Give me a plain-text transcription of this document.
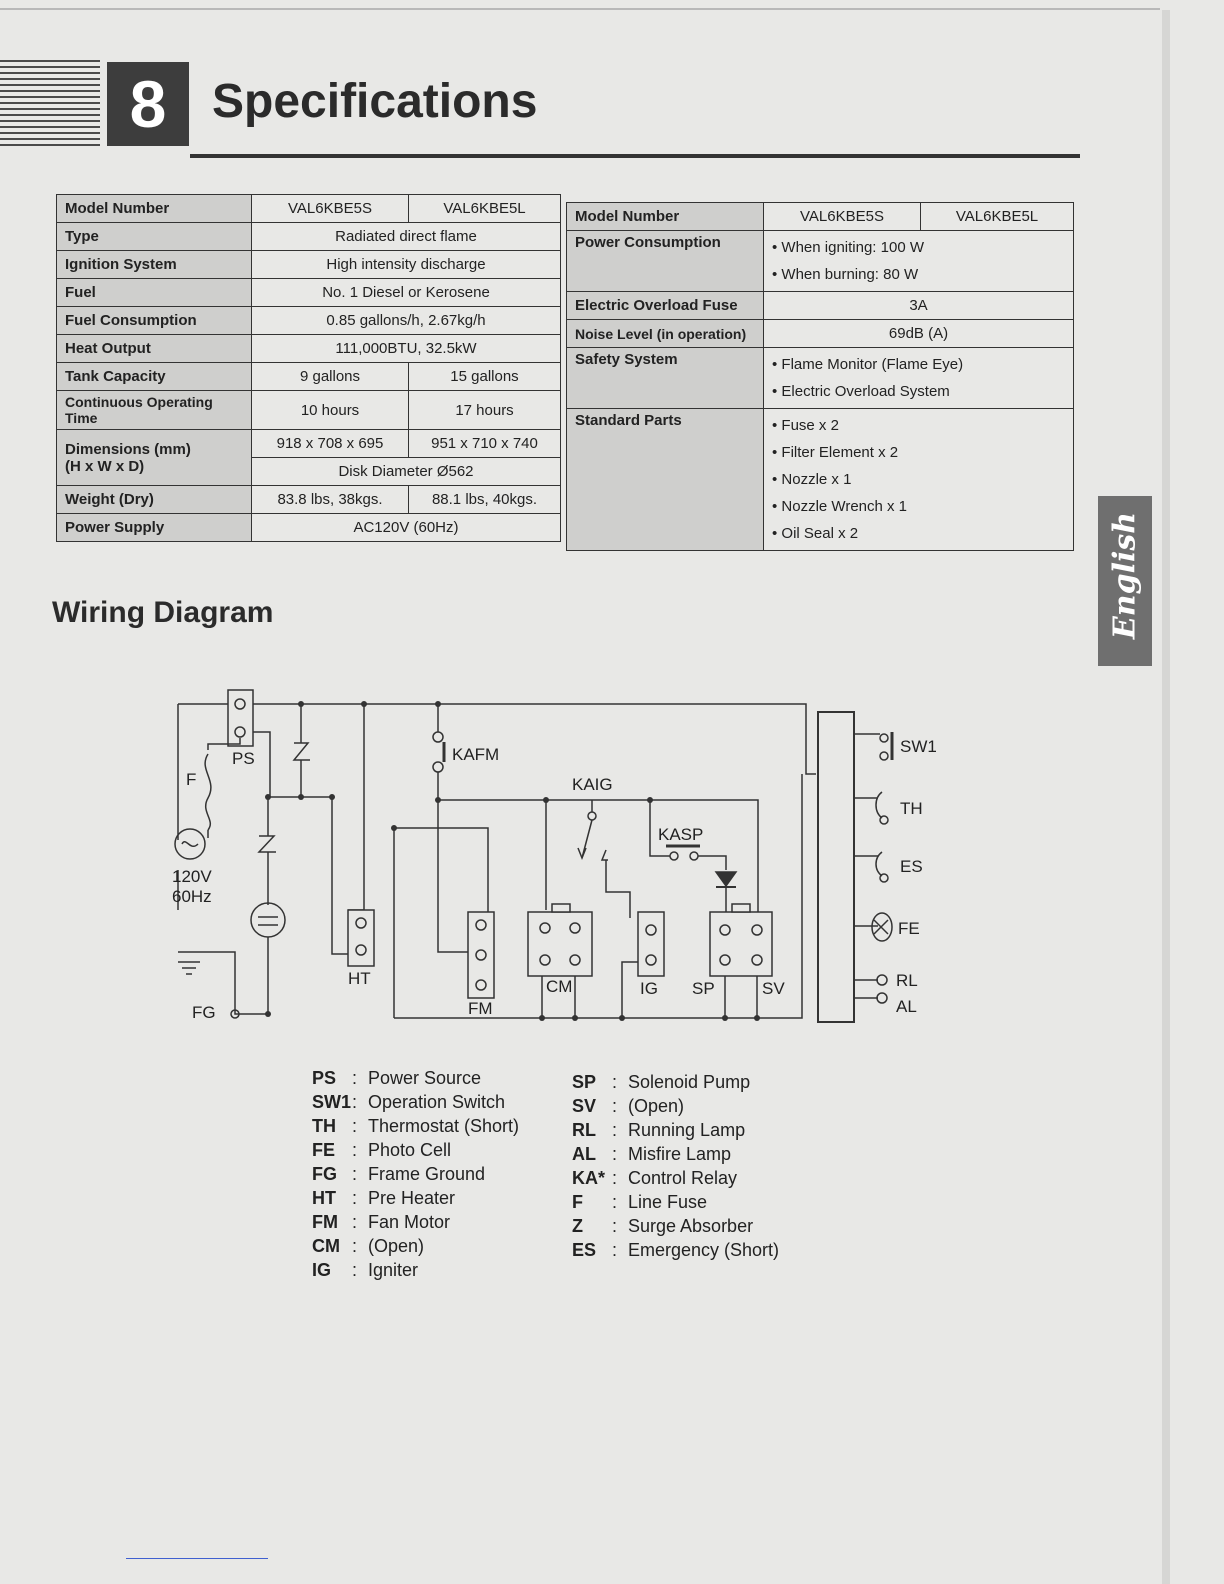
8 Specifications
Model Number	VAL6KBE5S	VAL6KBE5L
Type	Radiated direct flame	
Ignition System	High intensity discharge	
Fuel	No. 1 Diesel or Kerosene	
Fuel Consumption	0.85 gallons/h, 2.67kg/h	
Heat Output	111,000BTU, 32.5kW	
Tank Capacity	9 gallons	15 gallons
Continuous Operating Time	10 hours	17 hours

Dimensions (mm)
(H x W x D)	918 x 708 x 695	951 x 710 x 740
	Disk Diameter Ø562	
Weight (Dry)	83.8 lbs, 38kgs.	88.1 lbs, 40kgs.
Power Supply	AC120V (60Hz)	
Model Number	VAL6KBE5S	VAL6KBE5L
Power Consumption	• When igniting: 100 W
• When burning: 80 W	

Electric Overload Fuse	3A	
Noise Level (in operation)	69dB (A)	
Safety System	• Flame Monitor (Flame Eye)
• Electric Overload System	

Standard Parts	• Fuse x 2
• Filter Element x 2
• Nozzle x 1
• Nozzle Wrench x 1
• Oil Seal x 2		English
Wiring Diagram
PS
F
120V
60Hz
FG
HT
FM
KAFM
KAIG
KASP
CM	IG SP	SV
SW1
TH
ES
FE
RL
AL
PS : Power Source
SW1: Operation Switch
TH : Thermostat (Short)
FE : Photo Cell
FG : Frame Ground
HT : Pre Heater
FM : Fan Motor
CM : (Open)
IG : Igniter
SP : Solenoid Pump
SV : (Open)
RL : Running Lamp
AL : Misfire Lamp
KA* : Control Relay
F : Line Fuse
Z : Surge Absorber
ES : Emergency (Short)
